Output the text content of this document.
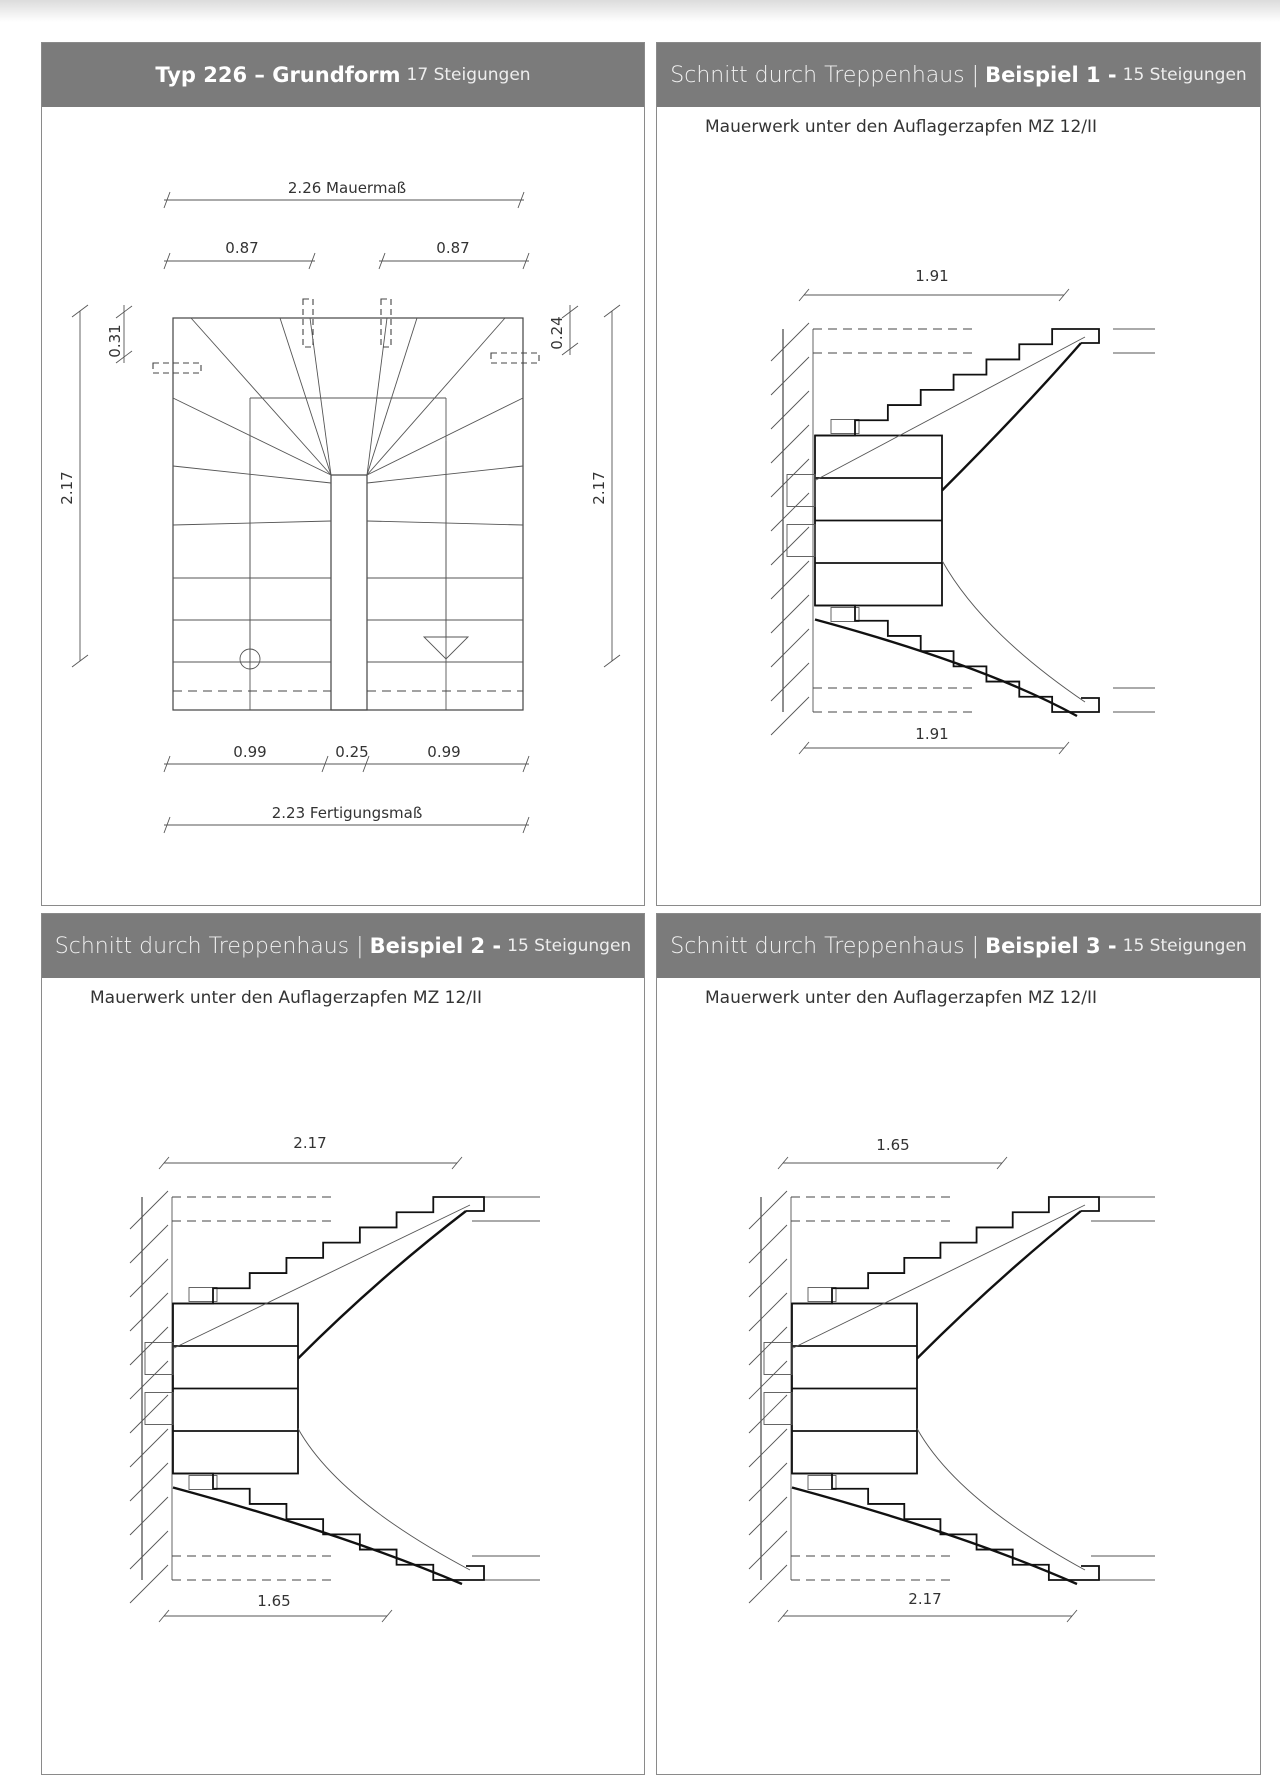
Typ 226 – Grundform 17 Steigungen
2.26 Mauermaß
0.87	0.87
2.17	2.17
0.31	0.24
0.99	0.25	0.99
2.23 Fertigungsmaß
Schnitt durch Treppenhaus | Beispiel 1 - 15 Steigungen
Mauerwerk unter den Auflagerzapfen MZ 12/II
1.91
1.91
Schnitt durch Treppenhaus | Beispiel 2 - 15 Steigungen
Mauerwerk unter den Auflagerzapfen MZ 12/II
2.17
1.65
Schnitt durch Treppenhaus | Beispiel 3 - 15 Steigungen
Mauerwerk unter den Auflagerzapfen MZ 12/II
1.65
2.17
